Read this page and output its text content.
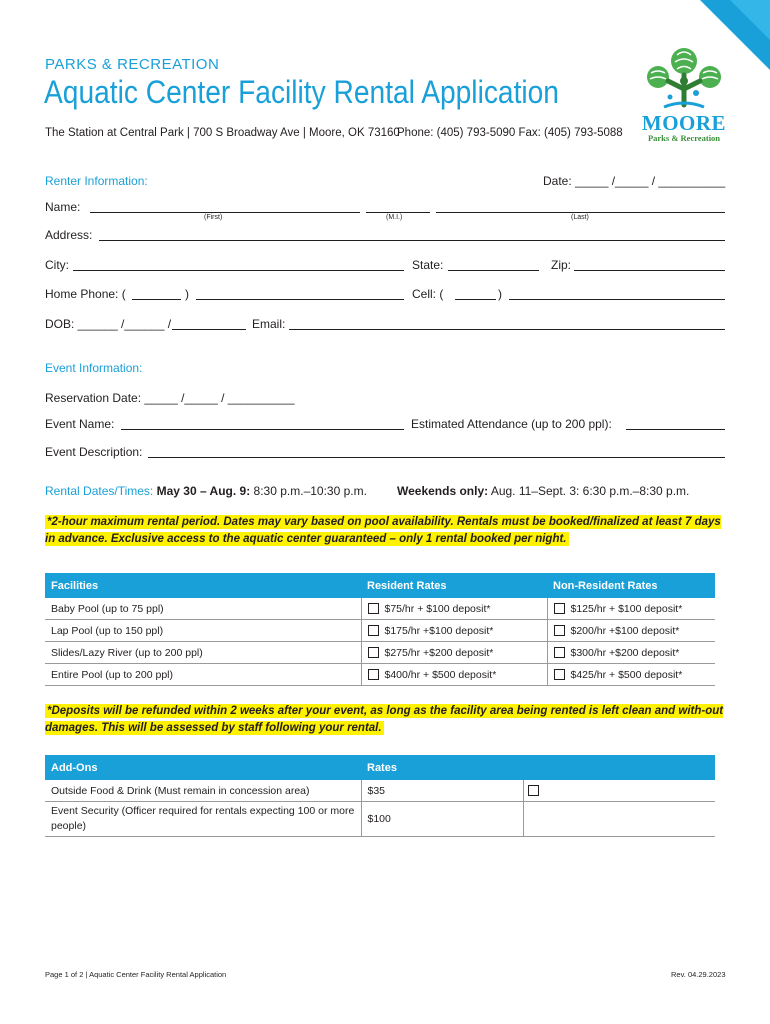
PARKS & RECREATION
Aquatic Center Facility Rental Application
The Station at Central Park | 700 S Broadway Ave | Moore, OK 73160
Phone: (405) 793-5090 Fax: (405) 793-5088 MOORE
Parks & Recreation
Renter Information:	Date: _____ /_____ / __________
Name:
(First)	(M.I.)	(Last)
Address:
City:	State:	Zip:
Home Phone: (	)	Cell: (	)
DOB: ______ /______ /	Email:
Event Information:
Reservation Date: _____ /_____ / __________
Event Name:	Estimated Attendance (up to 200 ppl):
Event Description:
Rental Dates/Times: May 30 – Aug. 9: 8:30 p.m.–10:30 p.m.	Weekends only: Aug. 11–Sept. 3: 6:30 p.m.–8:30 p.m.
*2-hour maximum rental period. Dates may vary based on pool availability. Rentals must be booked/finalized at least 7 days in advance. Exclusive access to the aquatic center guaranteed – only 1 rental booked per night.
Facilities	Resident Rates	Non-Resident Rates
Baby Pool (up to 75 ppl)	$75/hr + $100 deposit*	$125/hr + $100 deposit*
Lap Pool (up to 150 ppl)	$175/hr +$100 deposit*	$200/hr +$100 deposit*
Slides/Lazy River (up to 200 ppl)	$275/hr +$200 deposit*	$300/hr +$200 deposit*
Entire Pool (up to 200 ppl)	$400/hr + $500 deposit*	$425/hr + $500 deposit*
*Deposits will be refunded within 2 weeks after your event, as long as the facility area being rented is left clean and with-out damages. This will be assessed by staff following your rental.
Add-Ons	Rates	
Outside Food & Drink (Must remain in concession area)	$35	
Event Security (Officer required for rentals expecting 100 or more people)	$100	
Page 1 of 2 | Aquatic Center Facility Rental Application	Rev. 04.29.2023
